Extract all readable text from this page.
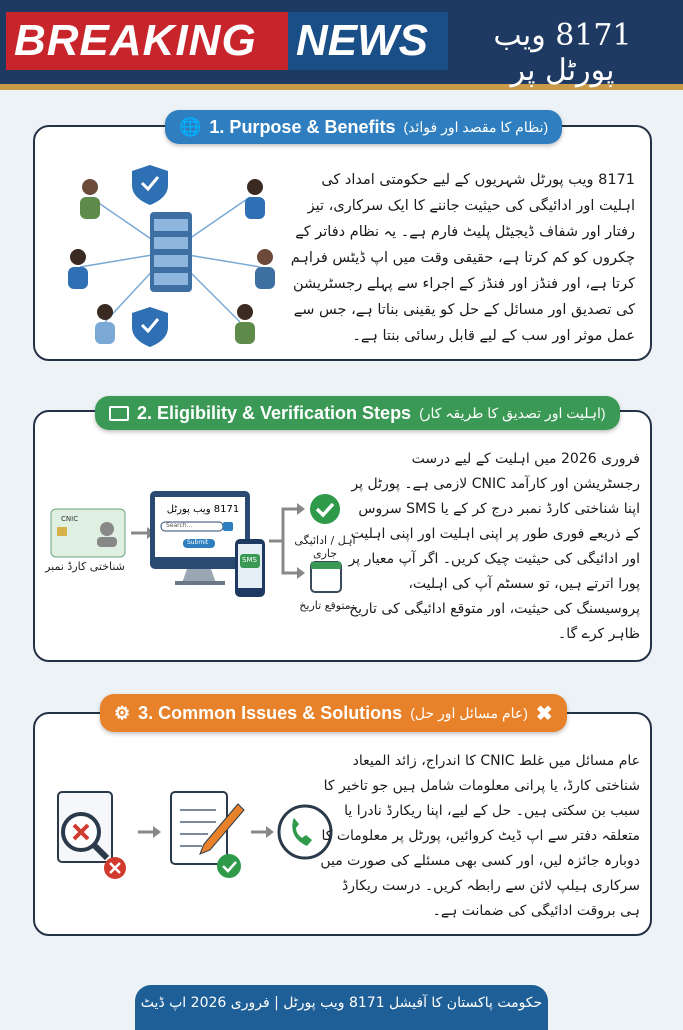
BREAKING NEWS	8171 ویب پورٹل پر
8171 ویب پورٹل شہریوں کے لیے حکومتی امداد کی اہلیت اور ادائیگی کی حیثیت جاننے کا ایک سرکاری، تیز رفتار اور شفاف ڈیجیٹل پلیٹ فارم ہے۔ یہ نظام دفاتر کے چکروں کو کم کرتا ہے، حقیقی وقت میں اپ ڈیٹس فراہم کرتا ہے، اور فنڈز اور فنڈز کے اجراء سے پہلے رجسٹریشن کی تصدیق اور مسائل کے حل کو یقینی بناتا ہے، جس سے عمل موثر اور سب کے لیے قابل رسائی بنتا ہے۔
🌐 1. Purpose & Benefits (نظام کا مقصد اور فوائد)
CNIC
شناختی کارڈ نمبر
8171 ویب پورٹل
Search...
Submit
SMS
اہل / ادائیگی جاری
متوقع تاریخ
فروری 2026 میں اہلیت کے لیے درست رجسٹریشن اور کارآمد CNIC لازمی ہے۔ پورٹل پر اپنا شناختی کارڈ نمبر درج کر کے یا SMS سروس کے ذریعے فوری طور پر اپنی اہلیت اور اپنی اہلیت اور ادائیگی کی حیثیت چیک کریں۔ اگر آپ معیار پر پورا اترتے ہیں، تو سسٹم آپ کی اہلیت، پروسیسنگ کی حیثیت، اور متوقع ادائیگی کی تاریخ ظاہر کرے گا۔
2. Eligibility & Verification Steps (اہلیت اور تصدیق کا طریقہ کار)
عام مسائل میں غلط CNIC کا اندراج، زائد المیعاد شناختی کارڈ، یا پرانی معلومات شامل ہیں جو تاخیر کا سبب بن سکتی ہیں۔ حل کے لیے، اپنا ریکارڈ نادرا یا متعلقہ دفتر سے اپ ڈیٹ کروائیں، پورٹل پر معلومات کا دوبارہ جائزہ لیں، اور کسی بھی مسئلے کی صورت میں سرکاری ہیلپ لائن سے رابطہ کریں۔ درست ریکارڈ ہی بروقت ادائیگی کی ضمانت ہے۔
⚙ 3. Common Issues & Solutions (عام مسائل اور حل) ✖
حکومت پاکستان کا آفیشل 8171 ویب پورٹل | فروری 2026 اپ ڈیٹ
